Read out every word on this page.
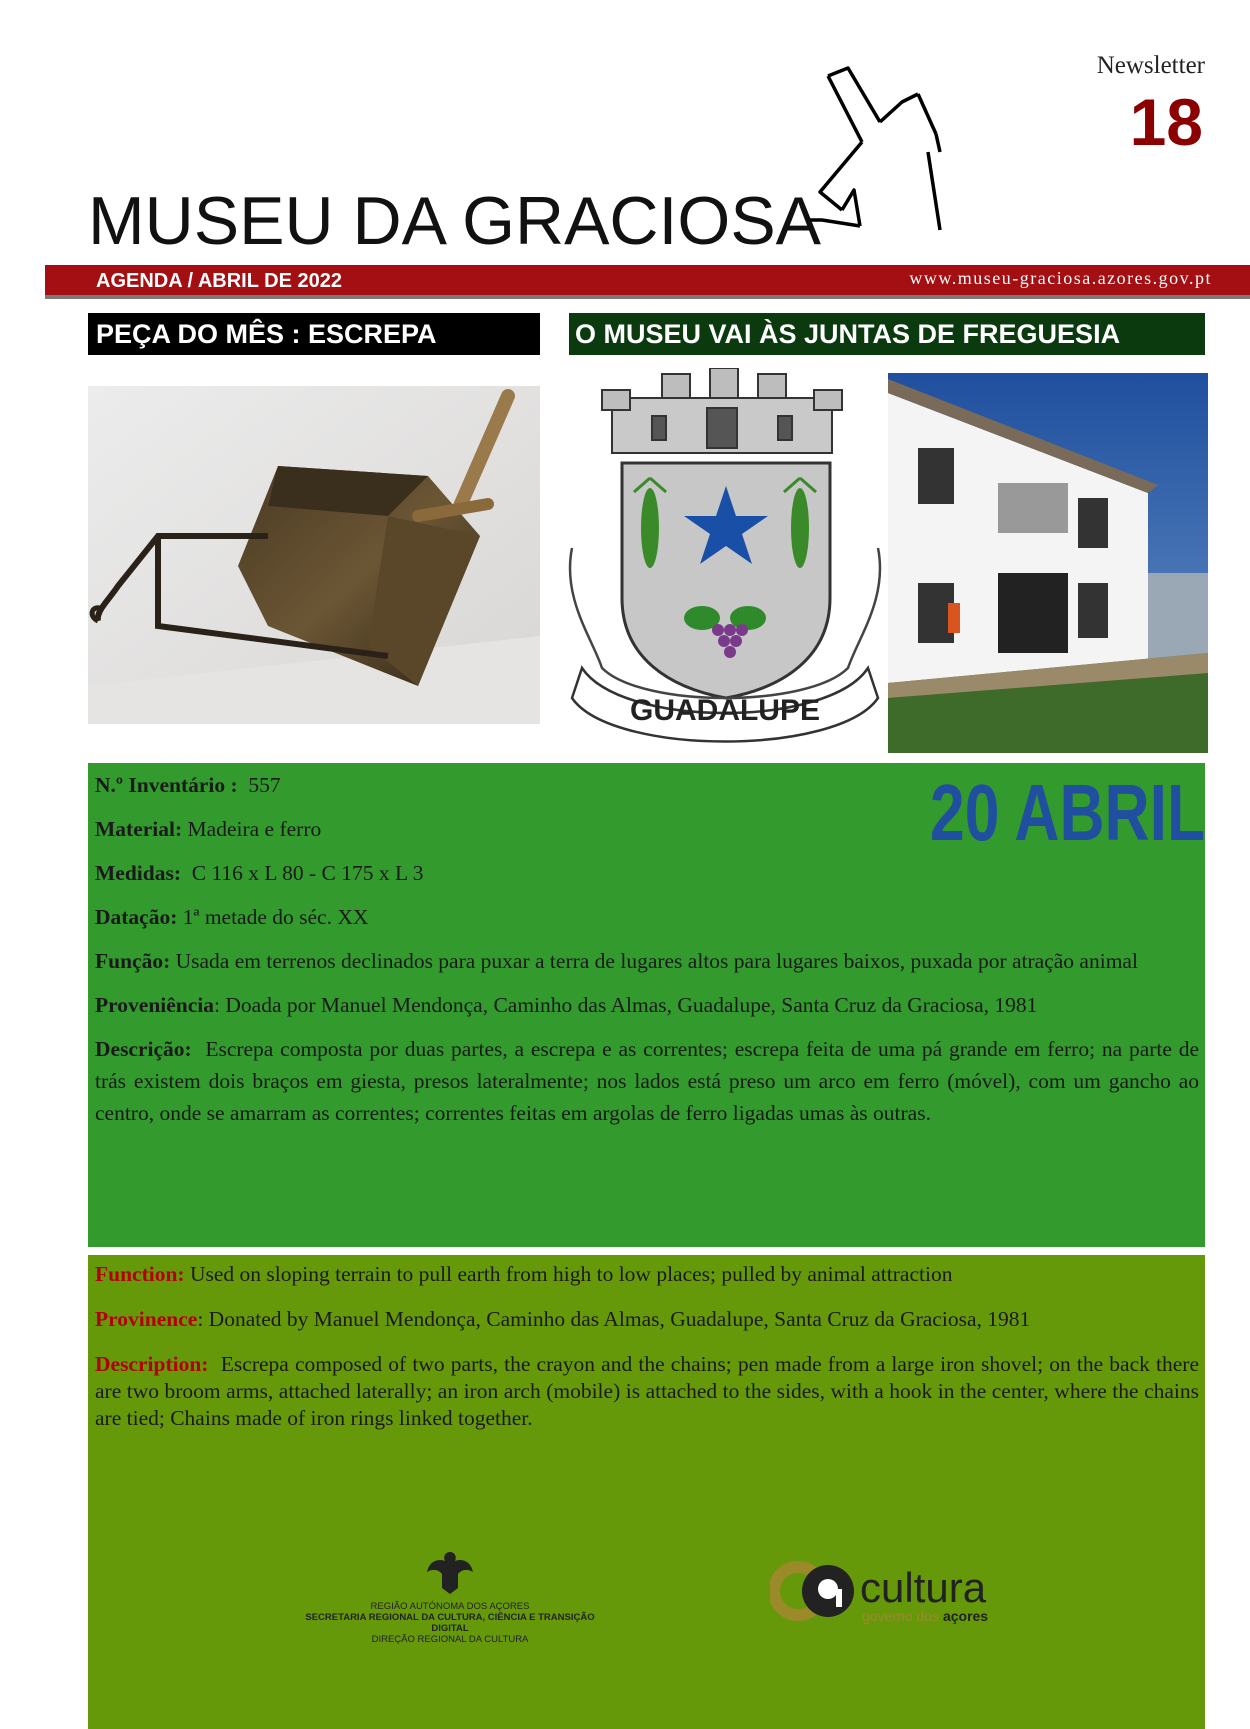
Newsletter
18
MUSEU DA GRACIOSA
AGENDA / ABRIL DE 2022	www.museu-graciosa.azores.gov.pt
PEÇA DO MÊS : ESCREPA	O MUSEU VAI ÀS JUNTAS DE FREGUESIA
GUADALUPE

N.º Inventário : 557

Material: Madeira e ferro

Medidas: C 116 x L 80 - C 175 x L 3

Datação: 1ª metade do séc. XX

Função: Usada em terrenos declinados para puxar a terra de lugares altos para lugares baixos, puxada por atração animal

Proveniência: Doada por Manuel Mendonça, Caminho das Almas, Guadalupe, Santa Cruz da Graciosa, 1981

Descrição: Escrepa composta por duas partes, a escrepa e as correntes; escrepa feita de uma pá grande em ferro; na parte de trás existem dois braços em giesta, presos lateralmente; nos lados está preso um arco em ferro (móvel), com um gancho ao centro, onde se amarram as correntes; correntes feitas em argolas de ferro ligadas umas às outras.

20 ABRIL

Function: Used on sloping terrain to pull earth from high to low places; pulled by animal attraction

Provinence: Donated by Manuel Mendonça, Caminho das Almas, Guadalupe, Santa Cruz da Graciosa, 1981

Description: Escrepa composed of two parts, the crayon and the chains; pen made from a large iron shovel; on the back there are two broom arms, attached laterally; an iron arch (mobile) is attached to the sides, with a hook in the center, where the chains are tied; Chains made of iron rings linked together.

REGIÃO AUTÓNOMA DOS AÇORES
SECRETARIA REGIONAL DA CULTURA, CIÊNCIA E TRANSIÇÃO DIGITAL
DIREÇÃO REGIONAL DA CULTURA
cultura
governo dos açores
